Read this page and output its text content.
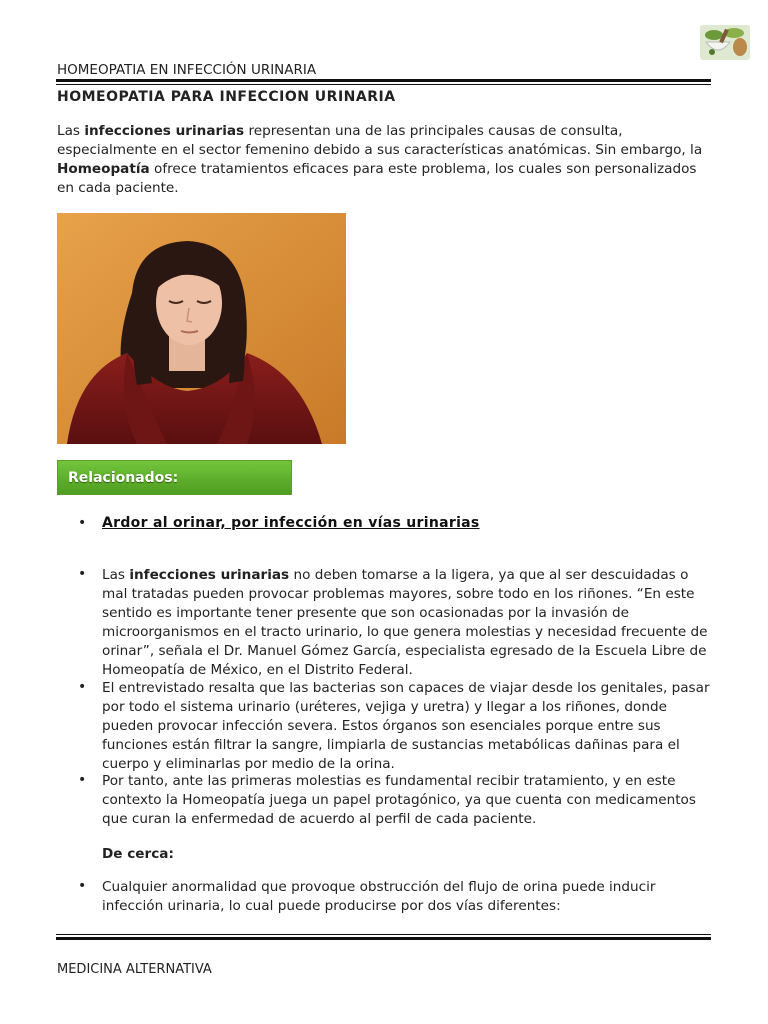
HOMEOPATIA EN INFECCIÓN URINARIA
HOMEOPATIA PARA INFECCION URINARIA
Las infecciones urinarias representan una de las principales causas de consulta, especialmente en el sector femenino debido a sus características anatómicas. Sin embargo, la Homeopatía ofrece tratamientos eficaces para este problema, los cuales son personalizados en cada paciente.
Relacionados:
• Ardor al orinar, por infección en vías urinarias
• Las infecciones urinarias no deben tomarse a la ligera, ya que al ser descuidadas o mal tratadas pueden provocar problemas mayores, sobre todo en los riñones. “En este sentido es importante tener presente que son ocasionadas por la invasión de microorganismos en el tracto urinario, lo que genera molestias y necesidad frecuente de orinar”, señala el Dr. Manuel Gómez García, especialista egresado de la Escuela Libre de Homeopatía de México, en el Distrito Federal.
• El entrevistado resalta que las bacterias son capaces de viajar desde los genitales, pasar por todo el sistema urinario (uréteres, vejiga y uretra) y llegar a los riñones, donde pueden provocar infección severa. Estos órganos son esenciales porque entre sus funciones están filtrar la sangre, limpiarla de sustancias metabólicas dañinas para el cuerpo y eliminarlas por medio de la orina.
• Por tanto, ante las primeras molestias es fundamental recibir tratamiento, y en este contexto la Homeopatía juega un papel protagónico, ya que cuenta con medicamentos que curan la enfermedad de acuerdo al perfil de cada paciente.
De cerca:
• Cualquier anormalidad que provoque obstrucción del flujo de orina puede inducir infección urinaria, lo cual puede producirse por dos vías diferentes:
MEDICINA ALTERNATIVA
